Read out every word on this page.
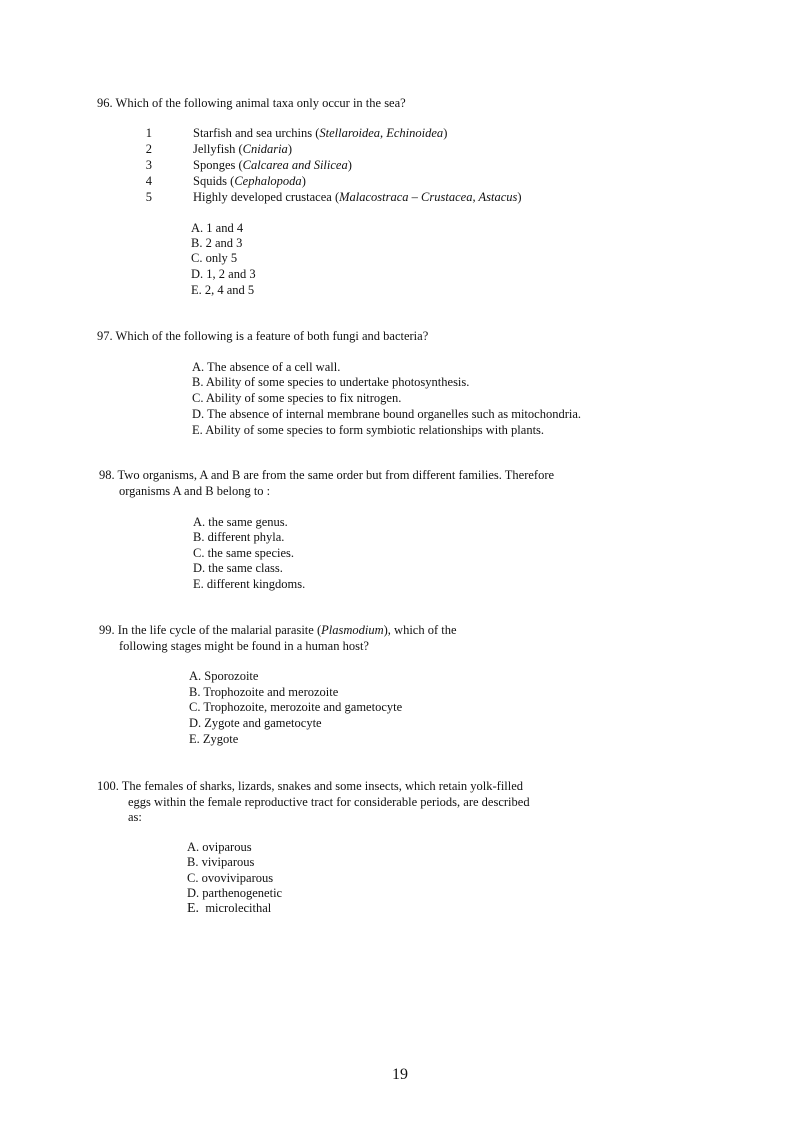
96. Which of the following animal taxa only occur in the sea?
1	Starfish and sea urchins (Stellaroidea, Echinoidea)
2	Jellyfish (Cnidaria)
3	Sponges (Calcarea and Silicea)
4	Squids (Cephalopoda)
5	Highly developed crustacea (Malacostraca – Crustacea, Astacus)
A. 1 and 4
B. 2 and 3
C. only 5
D. 1, 2 and 3
E. 2, 4 and 5
97. Which of the following is a feature of both fungi and bacteria?
A. The absence of a cell wall.
B. Ability of some species to undertake photosynthesis.
C. Ability of some species to fix nitrogen.
D. The absence of internal membrane bound organelles such as mitochondria.
E. Ability of some species to form symbiotic relationships with plants.
98. Two organisms, A and B are from the same order but from different families. Therefore
organisms A and B belong to :
A. the same genus.
B. different phyla.
C. the same species.
D. the same class.
E. different kingdoms.
99. In the life cycle of the malarial parasite (Plasmodium), which of the
following stages might be found in a human host?
A. Sporozoite
B. Trophozoite and merozoite
C. Trophozoite, merozoite and gametocyte
D. Zygote and gametocyte
E. Zygote
100. The females of sharks, lizards, snakes and some insects, which retain yolk-filled
eggs within the female reproductive tract for considerable periods, are described
as:
A. oviparous
B. viviparous
C. ovoviviparous
D. parthenogenetic
E. microlecithal
19
